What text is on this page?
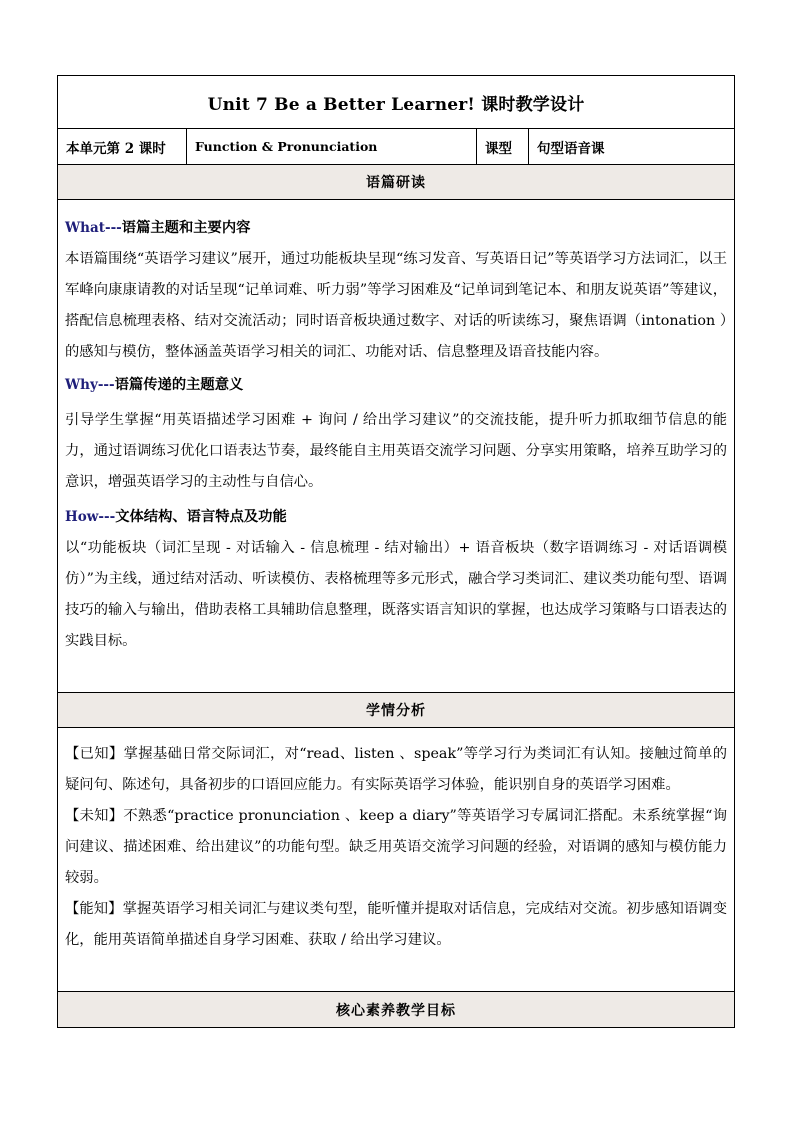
Unit 7 Be a Better Learner! 课时教学设计
本单元第 2 课时	Function & Pronunciation	课型	句型语音课
语篇研读
What---语篇主题和主要内容
本语篇围绕“英语学习建议”展开，通过功能板块呈现“练习发音、写英语日记”等英语学习方法词汇，以王军峰向康康请教的对话呈现“记单词难、听力弱”等学习困难及“记单词到笔记本、和朋友说英语”等建议，搭配信息梳理表格、结对交流活动；同时语音板块通过数字、对话的听读练习，聚焦语调（intonation ）的感知与模仿，整体涵盖英语学习相关的词汇、功能对话、信息整理及语音技能内容。
Why---语篇传递的主题意义
引导学生掌握“用英语描述学习困难 + 询问 / 给出学习建议”的交流技能，提升听力抓取细节信息的能力，通过语调练习优化口语表达节奏，最终能自主用英语交流学习问题、分享实用策略，培养互助学习的意识，增强英语学习的主动性与自信心。
How---文体结构、语言特点及功能
以“功能板块（词汇呈现 - 对话输入 - 信息梳理 - 结对输出）+ 语音板块（数字语调练习 - 对话语调模仿）”为主线，通过结对活动、听读模仿、表格梳理等多元形式，融合学习类词汇、建议类功能句型、语调技巧的输入与输出，借助表格工具辅助信息整理，既落实语言知识的掌握，也达成学习策略与口语表达的实践目标。
学情分析
【已知】掌握基础日常交际词汇，对“read、listen 、speak”等学习行为类词汇有认知。接触过简单的疑问句、陈述句，具备初步的口语回应能力。有实际英语学习体验，能识别自身的英语学习困难。
【未知】不熟悉“practice pronunciation 、keep a diary”等英语学习专属词汇搭配。未系统掌握“询问建议、描述困难、给出建议”的功能句型。缺乏用英语交流学习问题的经验，对语调的感知与模仿能力较弱。
【能知】掌握英语学习相关词汇与建议类句型，能听懂并提取对话信息，完成结对交流。初步感知语调变化，能用英语简单描述自身学习困难、获取 / 给出学习建议。
核心素养教学目标
